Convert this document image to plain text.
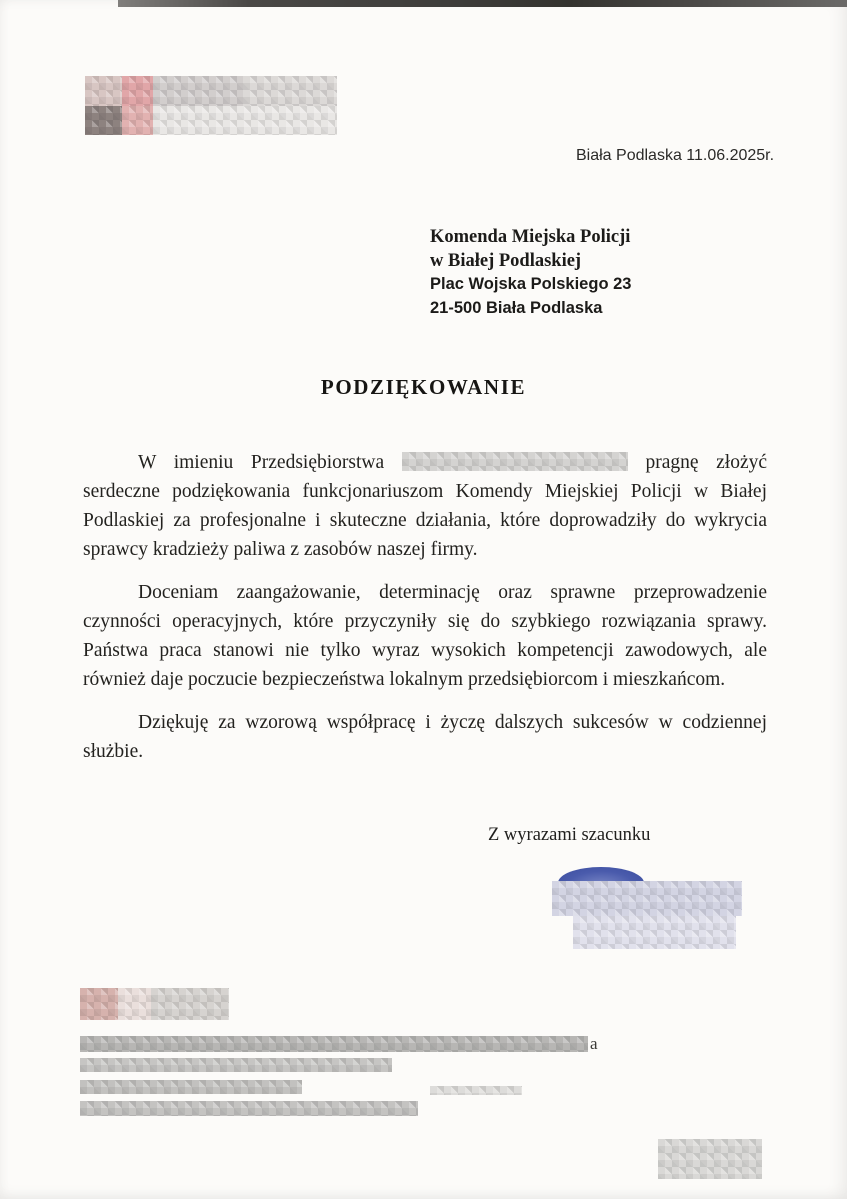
Biała Podlaska 11.06.2025r.
Komenda Miejska Policji
w Białej Podlaskiej
Plac Wojska Polskiego 23
21-500 Biała Podlaska
PODZIĘKOWANIE

W imieniu Przedsiębiorstwa	pragnę złożyć serdeczne podziękowania funkcjonariuszom Komendy Miejskiej Policji w Białej Podlaskiej za profesjonalne i skuteczne działania, które doprowadziły do wykrycia sprawcy kradzieży paliwa z zasobów naszej firmy.

Doceniam zaangażowanie, determinację oraz sprawne przeprowadzenie czynności operacyjnych, które przyczyniły się do szybkiego rozwiązania sprawy. Państwa praca stanowi nie tylko wyraz wysokich kompetencji zawodowych, ale również daje poczucie bezpieczeństwa lokalnym przedsiębiorcom i mieszkańcom.

Dziękuję za wzorową współpracę i życzę dalszych sukcesów w codziennej służbie.

Z wyrazami szacunku
a
